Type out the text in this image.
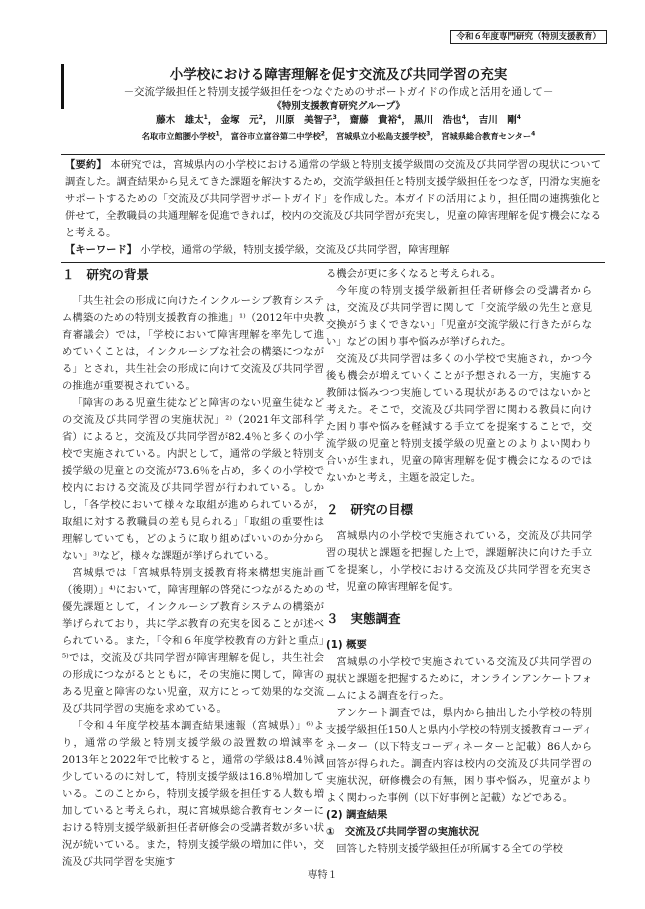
令和６年度専門研究（特別支援教育）
小学校における障害理解を促す交流及び共同学習の充実
－交流学級担任と特別支援学級担任をつなぐためのサポートガイドの作成と活用を通して－
《特別支援教育研究グループ》
藤木　雄太$^1$， 金塚　元$^2$， 川原　美智子$^3$， 齋藤　貴裕$^4$， 黒川　浩也$^4$， 吉川　剛$^4$
名取市立館腰小学校$^1$， 富谷市立富谷第二中学校$^2$， 宮城県立小松島支援学校$^3$， 宮城県総合教育センター$^4$
【要約】 本研究では，宮城県内の小学校における通常の学級と特別支援学級間の交流及び共同学習の現状について調査した。調査結果から見えてきた課題を解決するため，交流学級担任と特別支援学級担任をつなぎ，円滑な実施をサポートするための「交流及び共同学習サポートガイド」を作成した。本ガイドの活用により，担任間の連携強化と併せて，全教職員の共通理解を促進できれば，校内の交流及び共同学習が充実し，児童の障害理解を促す機会になると考える。
【キーワード】 小学校，通常の学級，特別支援学級，交流及び共同学習，障害理解
１ 研究の背景

「共生社会の形成に向けたインクルーシブ教育システム構築のための特別支援教育の推進」¹⁾（2012年中央教育審議会）では，「学校において障害理解を率先して進めていくことは，インクルーシブな社会の構築につながる」とされ，共生社会の形成に向けて交流及び共同学習の推進が重要視されている。

「障害のある児童生徒などと障害のない児童生徒などの交流及び共同学習の実施状況」²⁾（2021年文部科学省）によると，交流及び共同学習が82.4％と多くの小学校で実施されている。内訳として，通常の学級と特別支援学級の児童との交流が73.6％を占め，多くの小学校で校内における交流及び共同学習が行われている。しかし，「各学校において様々な取組が進められているが，取組に対する教職員の差も見られる」「取組の重要性は理解していても，どのように取り組めばいいのか分からない」³⁾など，様々な課題が挙げられている。

宮城県では「宮城県特別支援教育将来構想実施計画（後期）」⁴⁾において，障害理解の啓発につながるための優先課題として，インクルーシブ教育システムの構築が挙げられており，共に学ぶ教育の充実を図ることが述べられている。また，「令和６年度学校教育の方針と重点」⁵⁾では，交流及び共同学習が障害理解を促し，共生社会の形成につながるとともに，その実施に関して，障害のある児童と障害のない児童，双方にとって効果的な交流及び共同学習の実施を求めている。

「令和４年度学校基本調査結果速報（宮城県）」⁶⁾より，通常の学級と特別支援学級の設置数の増減率を2013年と2022年で比較すると，通常の学級は8.4％減少しているのに対して，特別支援学級は16.8％増加している。このことから，特別支援学級を担任する人数も増加していると考えられ，現に宮城県総合教育センターにおける特別支援学級新担任者研修会の受講者数が多い状況が続いている。また，特別支援学級の増加に伴い，交流及び共同学習を実施す

る機会が更に多くなると考えられる。

今年度の特別支援学級新担任者研修会の受講者からは，交流及び共同学習に関して「交流学級の先生と意見交換がうまくできない」「児童が交流学級に行きたがらない」などの困り事や悩みが挙げられた。

交流及び共同学習は多くの小学校で実施され，かつ今後も機会が増えていくことが予想される一方，実施する教師は悩みつつ実施している現状があるのではないかと考えた。そこで，交流及び共同学習に関わる教員に向けた困り事や悩みを軽減する手立てを提案することで，交流学級の児童と特別支援学級の児童とのよりよい関わり合いが生まれ，児童の障害理解を促す機会になるのではないかと考え，主題を設定した。

２ 研究の目標

宮城県内の小学校で実施されている，交流及び共同学習の現状と課題を把握した上で，課題解決に向けた手立てを提案し，小学校における交流及び共同学習を充実させ，児童の障害理解を促す。

３ 実態調査
(1) 概要

宮城県の小学校で実施されている交流及び共同学習の現状と課題を把握するために，オンラインアンケートフォームによる調査を行った。

アンケート調査では，県内から抽出した小学校の特別支援学級担任150人と県内小学校の特別支援教育コーディネーター（以下特支コーディネーターと記載）86人から回答が得られた。調査内容は校内の交流及び共同学習の実施状況，研修機会の有無，困り事や悩み，児童がよりよく関わった事例（以下好事例と記載）などである。

(2) 調査結果
①　交流及び共同学習の実施状況

回答した特別支援学級担任が所属する全ての学校

専特１
